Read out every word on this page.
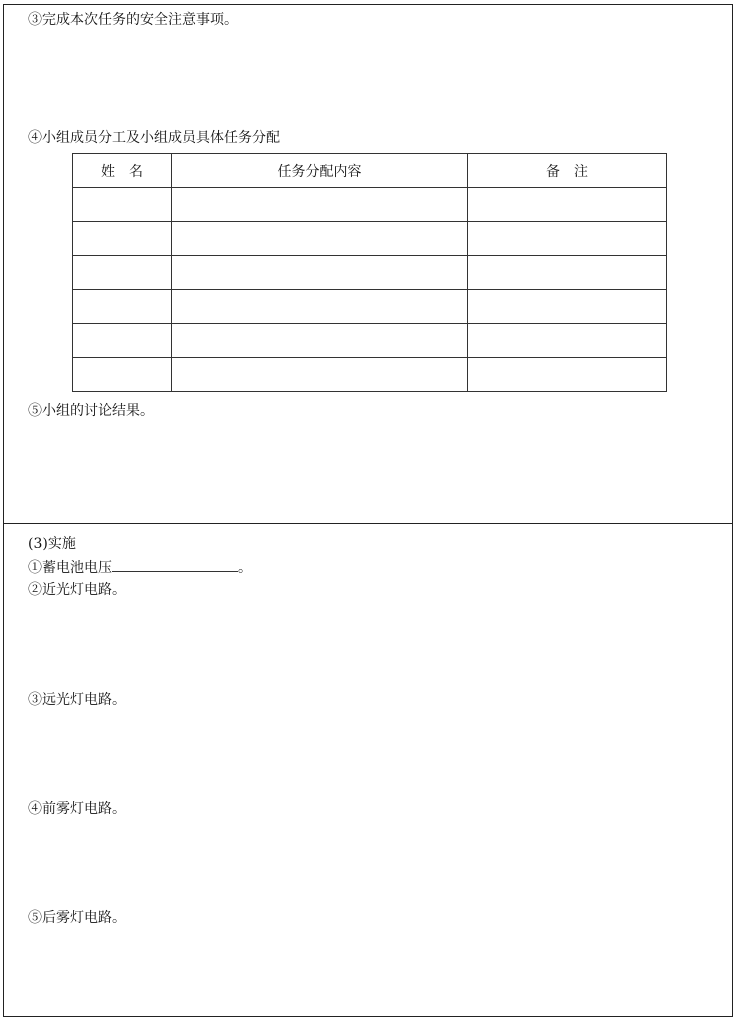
③完成本次任务的安全注意事项。
④小组成员分工及小组成员具体任务分配
姓　名	任务分配内容	备　注

⑤小组的讨论结果。
(3)实施
①蓄电池电压	。
②近光灯电路。
③远光灯电路。
④前雾灯电路。
⑤后雾灯电路。
